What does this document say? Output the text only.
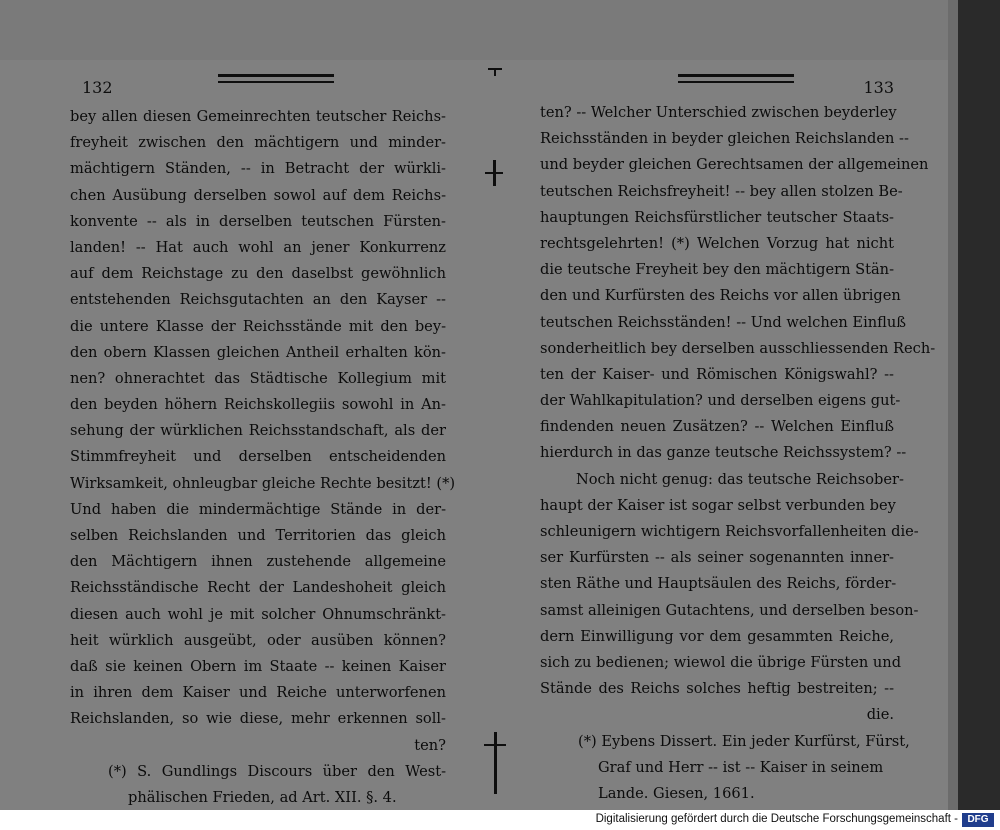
132
bey allen diesen Gemeinrechten teutscher Reichs-
freyheit zwischen den mächtigern und minder-
mächtigern Ständen, -- in Betracht der würkli-
chen Ausübung derselben sowol auf dem Reichs-
konvente -- als in derselben teutschen Fürsten-
landen! -- Hat auch wohl an jener Konkurrenz
auf dem Reichstage zu den daselbst gewöhnlich
entstehenden Reichsgutachten an den Kayser --
die untere Klasse der Reichsstände mit den bey-
den obern Klassen gleichen Antheil erhalten kön-
nen? ohnerachtet das Städtische Kollegium mit
den beyden höhern Reichskollegiis sowohl in An-
sehung der würklichen Reichsstandschaft, als der
Stimmfreyheit und derselben entscheidenden
Wirksamkeit, ohnleugbar gleiche Rechte besitzt! (*)
Und haben die mindermächtige Stände in der-
selben Reichslanden und Territorien das gleich
den Mächtigern ihnen zustehende allgemeine
Reichsständische Recht der Landeshoheit gleich
diesen auch wohl je mit solcher Ohnumschränkt-
heit würklich ausgeübt, oder ausüben können?
daß sie keinen Obern im Staate -- keinen Kaiser
in ihren dem Kaiser und Reiche unterworfenen
Reichslanden, so wie diese, mehr erkennen soll-
ten?
(*) S. Gundlings Discours über den West-
phälischen Frieden, ad Art. XII. §. 4.
133
ten? -- Welcher Unterschied zwischen beyderley
Reichsständen in beyder gleichen Reichslanden --
und beyder gleichen Gerechtsamen der allgemeinen
teutschen Reichsfreyheit! -- bey allen stolzen Be-
hauptungen Reichsfürstlicher teutscher Staats-
rechtsgelehrten! (*) Welchen Vorzug hat nicht
die teutsche Freyheit bey den mächtigern Stän-
den und Kurfürsten des Reichs vor allen übrigen
teutschen Reichsständen! -- Und welchen Einfluß
sonderheitlich bey derselben ausschliessenden Rech-
ten der Kaiser- und Römischen Königswahl? --
der Wahlkapitulation? und derselben eigens gut-
findenden neuen Zusätzen? -- Welchen Einfluß
hierdurch in das ganze teutsche Reichssystem? --
Noch nicht genug: das teutsche Reichsober-
haupt der Kaiser ist sogar selbst verbunden bey
schleunigern wichtigern Reichsvorfallenheiten die-
ser Kurfürsten -- als seiner sogenannten inner-
sten Räthe und Hauptsäulen des Reichs, förder-
samst alleinigen Gutachtens, und derselben beson-
dern Einwilligung vor dem gesammten Reiche,
sich zu bedienen; wiewol die übrige Fürsten und
Stände des Reichs solches heftig bestreiten; --
die.
(*) Eybens Dissert. Ein jeder Kurfürst, Fürst,
Graf und Herr -- ist -- Kaiser in seinem
Lande. Giesen, 1661.
Digitalisierung gefördert durch die Deutsche Forschungsgemeinschaft - DFG
